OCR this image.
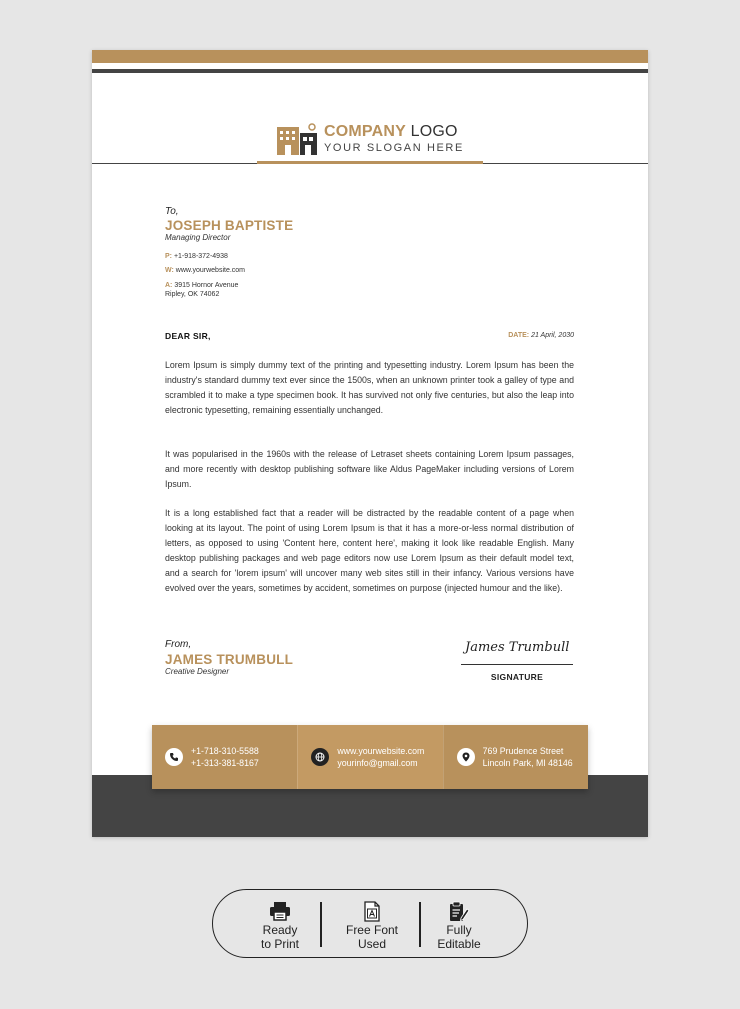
COMPANY LOGO
YOUR SLOGAN HERE
To,
JOSEPH BAPTISTE
Managing Director
P: +1-918-372-4938
W: www.yourwebsite.com
A: 3915 Hornor Avenue
Ripley, OK 74062
DEAR SIR,	DATE: 21 April, 2030
Lorem Ipsum is simply dummy text of the printing and typesetting industry. Lorem Ipsum has been the industry's standard dummy text ever since the 1500s, when an unknown printer took a galley of type and scrambled it to make a type specimen book. It has survived not only five centuries, but also the leap into electronic typesetting, remaining essentially unchanged.
It was popularised in the 1960s with the release of Letraset sheets containing Lorem Ipsum passages, and more recently with desktop publishing software like Aldus PageMaker including versions of Lorem Ipsum.
It is a long established fact that a reader will be distracted by the readable content of a page when looking at its layout. The point of using Lorem Ipsum is that it has a more-or-less normal distribution of letters, as opposed to using 'Content here, content here', making it look like readable English. Many desktop publishing packages and web page editors now use Lorem Ipsum as their default model text, and a search for 'lorem ipsum' will uncover many web sites still in their infancy. Various versions have evolved over the years, sometimes by accident, sometimes on purpose (injected humour and the like).
From,
JAMES TRUMBULL
Creative Designer
James Trumbull
SIGNATURE
+1-718-310-5588
+1-313-381-8167
www.yourwebsite.com
yourinfo@gmail.com
769 Prudence Street
Lincoln Park, MI 48146
Ready
to Print
Free Font
Used
Fully
Editable
